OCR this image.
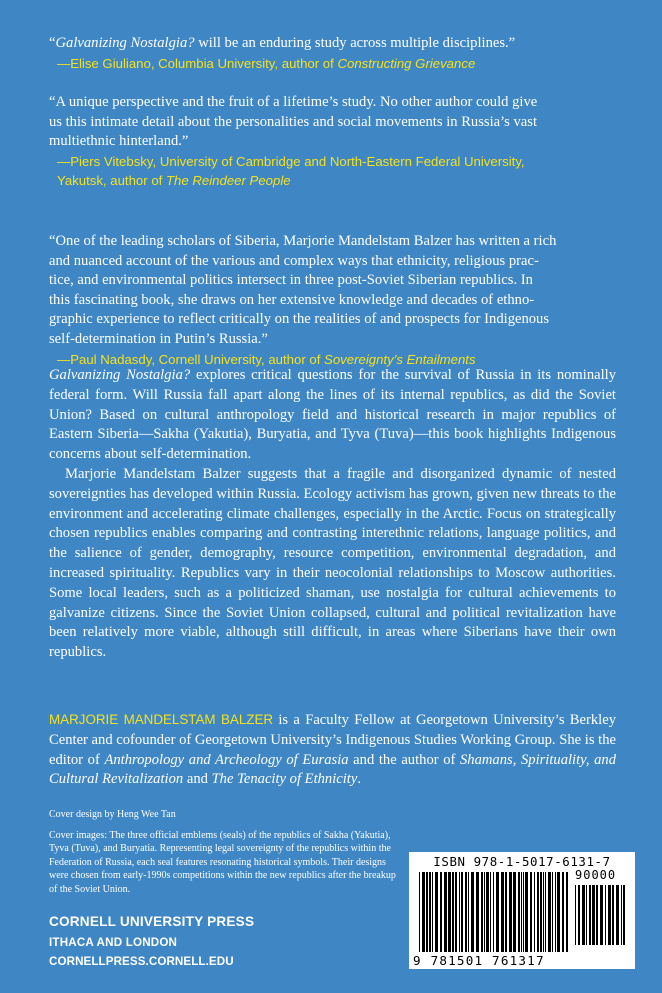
“Galvanizing Nostalgia? will be an enduring study across multiple disciplines.”
—Elise Giuliano, Columbia University, author of Constructing Grievance
“A unique perspective and the fruit of a lifetime’s study. No other author could give
us this intimate detail about the personalities and social movements in Russia’s vast
multiethnic hinterland.”
—Piers Vitebsky, University of Cambridge and North-Eastern Federal University,
Yakutsk, author of The Reindeer People
“One of the leading scholars of Siberia, Marjorie Mandelstam Balzer has written a rich
and nuanced account of the various and complex ways that ethnicity, religious prac-
tice, and environmental politics intersect in three post-Soviet Siberian republics. In
this fascinating book, she draws on her extensive knowledge and decades of ethno-
graphic experience to reflect critically on the realities of and prospects for Indigenous
self-determination in Putin’s Russia.”
—Paul Nadasdy, Cornell University, author of Sovereignty’s Entailments

Galvanizing Nostalgia? explores critical questions for the survival of Russia in its nominally federal form. Will Russia fall apart along the lines of its internal republics, as did the Soviet Union? Based on cultural anthropology field and historical research in major republics of Eastern Siberia—Sakha (Yakutia), Buryatia, and Tyva (Tuva)—this book highlights Indigenous concerns about self-determination.

Marjorie Mandelstam Balzer suggests that a fragile and disorganized dynamic of nested sovereignties has developed within Russia. Ecology activism has grown, given new threats to the environment and accelerating climate challenges, especially in the Arctic. Focus on strategically chosen republics enables comparing and contrasting interethnic relations, language politics, and the salience of gender, demography, resource competition, environmental degradation, and increased spirituality. Republics vary in their neocolonial relationships to Moscow authorities. Some local leaders, such as a politicized shaman, use nostalgia for cultural achievements to galvanize citizens. Since the Soviet Union collapsed, cultural and political revitalization have been relatively more viable, although still difficult, in areas where Siberians have their own republics.

MARJORIE MANDELSTAM BALZER is a Faculty Fellow at Georgetown University’s Berkley Center and cofounder of Georgetown University’s Indigenous Studies Working Group. She is the editor of Anthropology and Archeology of Eurasia and the author of Shamans, Spirituality, and Cultural Revitalization and The Tenacity of Ethnicity.

Cover design by Heng Wee Tan
Cover images: The three official emblems (seals) of the republics of Sakha (Yakutia), Tyva (Tuva), and Buryatia. Representing legal sovereignty of the republics within the Federation of Russia, each seal features resonating historical symbols. Their designs were chosen from early-1990s competitions within the new republics after the breakup of the Soviet Union.
CORNELL UNIVERSITY PRESS
ITHACA AND LONDON
CORNELLPRESS.CORNELL.EDU
ISBN 978-1-5017-6131-7
90000
9 781501 761317
